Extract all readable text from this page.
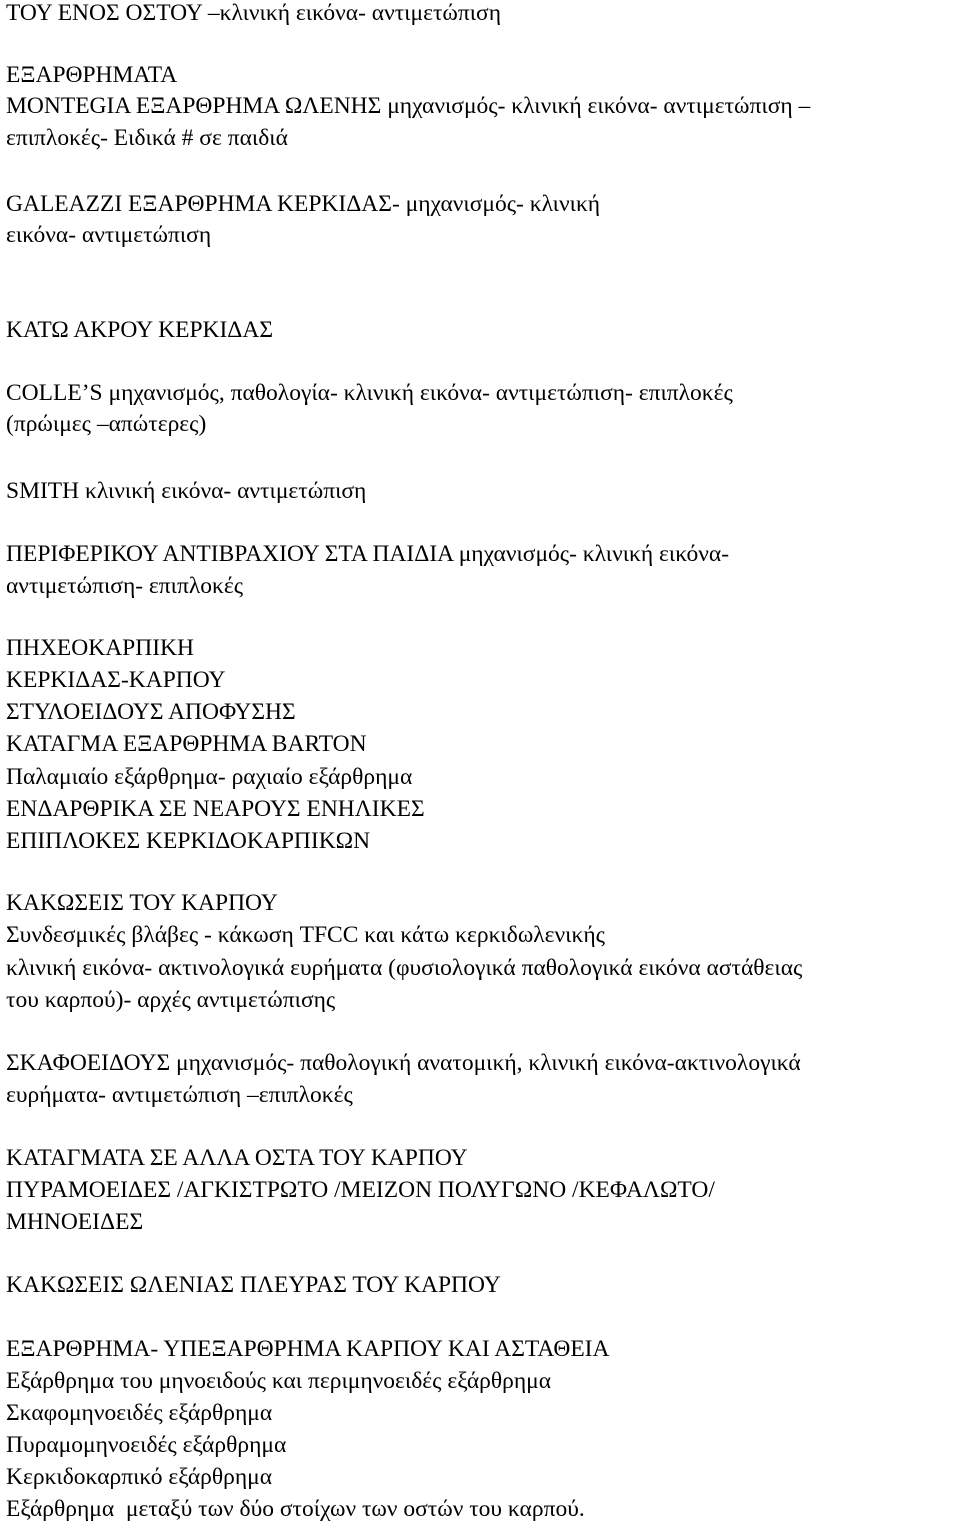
ΤΟΥ ΕΝΟΣ ΟΣΤΟΥ –κλινική εικόνα- αντιμετώπιση
ΕΞΑΡΘΡΗΜΑΤΑ
MONTEGIA ΕΞΑΡΘΡΗΜΑ ΩΛΕΝΗΣ μηχανισμός- κλινική εικόνα- αντιμετώπιση –
επιπλοκές- Ειδικά # σε παιδιά
GALEAZZI ΕΞΑΡΘΡΗΜΑ ΚΕΡΚΙΔΑΣ- μηχανισμός- κλινική
εικόνα- αντιμετώπιση
ΚΑΤΩ ΑΚΡΟΥ ΚΕΡΚΙΔΑΣ
COLLE’S μηχανισμός, παθολογία- κλινική εικόνα- αντιμετώπιση- επιπλοκές
(πρώιμες –απώτερες)
SMITH κλινική εικόνα- αντιμετώπιση
ΠΕΡΙΦΕΡΙΚΟΥ ΑΝΤΙΒΡΑΧΙΟΥ ΣΤΑ ΠΑΙΔΙΑ μηχανισμός- κλινική εικόνα-
αντιμετώπιση- επιπλοκές
ΠΗΧΕΟΚΑΡΠΙΚΗ
ΚΕΡΚΙΔΑΣ-ΚΑΡΠΟΥ
ΣΤΥΛΟΕΙΔΟΥΣ ΑΠΟΦΥΣΗΣ
ΚΑΤΑΓΜΑ ΕΞΑΡΘΡΗΜΑ BARTON
Παλαμιαίο εξάρθρημα- ραχιαίο εξάρθρημα
ΕΝΔΑΡΘΡΙΚΑ ΣΕ ΝΕΑΡΟΥΣ ΕΝΗΛΙΚΕΣ
ΕΠΙΠΛΟΚΕΣ ΚΕΡΚΙΔΟΚΑΡΠΙΚΩΝ
ΚΑΚΩΣΕΙΣ ΤΟΥ ΚΑΡΠΟΥ
Συνδεσμικές βλάβες - κάκωση TFCC και κάτω κερκιδωλενικής
κλινική εικόνα- ακτινολογικά ευρήματα (φυσιολογικά παθολογικά εικόνα αστάθειας
του καρπού)- αρχές αντιμετώπισης
ΣΚΑΦΟΕΙΔΟΥΣ μηχανισμός- παθολογική ανατομική, κλινική εικόνα-ακτινολογικά
ευρήματα- αντιμετώπιση –επιπλοκές
ΚΑΤΑΓΜΑΤΑ ΣΕ ΑΛΛΑ ΟΣΤΑ ΤΟΥ ΚΑΡΠΟΥ
ΠΥΡΑΜΟΕΙΔΕΣ /ΑΓΚΙΣΤΡΩΤΟ /ΜΕΙΖΟΝ ΠΟΛΥΓΩΝΟ /ΚΕΦΑΛΩΤΟ/
ΜΗΝΟΕΙΔΕΣ
ΚΑΚΩΣΕΙΣ ΩΛΕΝΙΑΣ ΠΛΕΥΡΑΣ ΤΟΥ ΚΑΡΠΟΥ
ΕΞΑΡΘΡΗΜΑ- ΥΠΕΞΑΡΘΡΗΜΑ ΚΑΡΠΟΥ ΚΑΙ ΑΣΤΑΘΕΙΑ
Εξάρθρημα του μηνοειδούς και περιμηνοειδές εξάρθρημα
Σκαφομηνοειδές εξάρθρημα
Πυραμομηνοειδές εξάρθρημα
Κερκιδοκαρπικό εξάρθρημα
Εξάρθρημα  μεταξύ των δύο στοίχων των οστών του καρπού.
